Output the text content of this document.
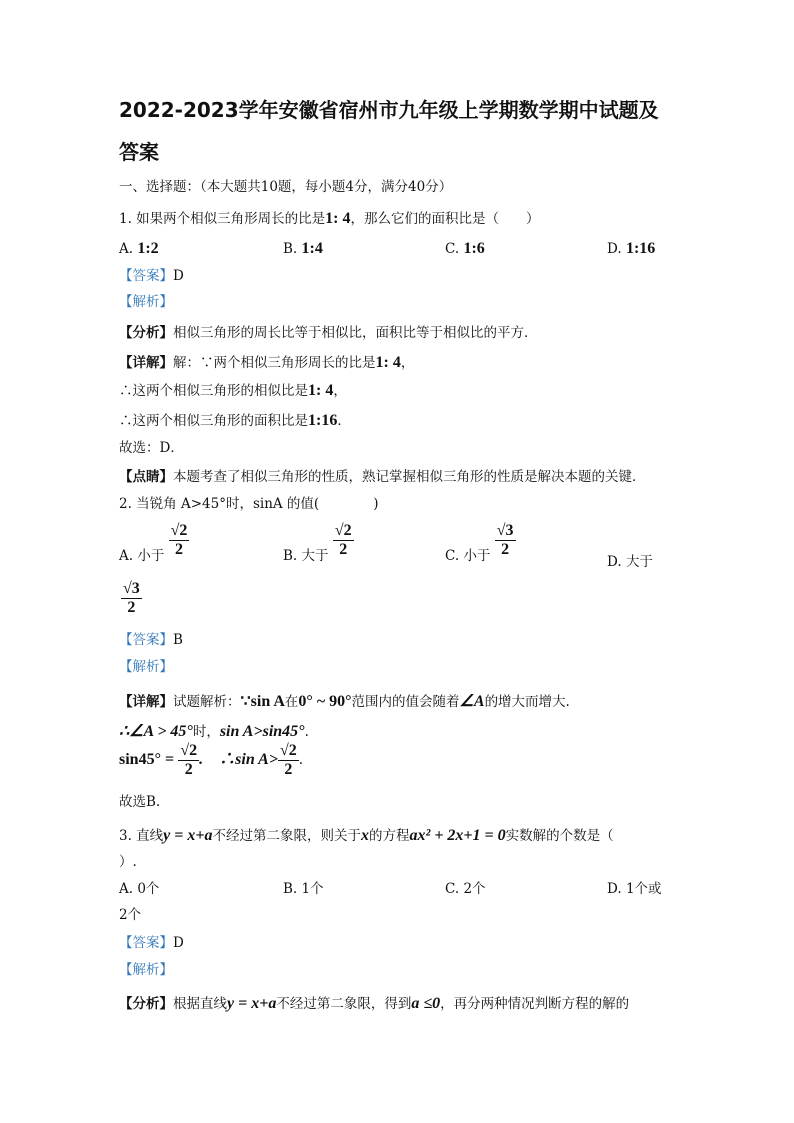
2022-2023学年安徽省宿州市九年级上学期数学期中试题及
答案
一、选择题：（本大题共10题，每小题4分，满分40分）
1. 如果两个相似三角形周长的比是1: 4，那么它们的面积比是（　　）
A. 1:2	B. 1:4	C. 1:6	D. 1:16
【答案】D
【解析】
【分析】相似三角形的周长比等于相似比，面积比等于相似比的平方．
【详解】解：∵两个相似三角形周长的比是1: 4，
∴这两个相似三角形的相似比是1: 4，
∴这两个相似三角形的面积比是1:16．
故选：D．
【点睛】本题考查了相似三角形的性质，熟记掌握相似三角形的性质是解决本题的关键．
2. 当锐角 A>45°时，sinA 的值(　　　　)
A. 小于 $\frac{√2}{2}$	B. 大于 $\frac{√2}{2}$	C. 小于 $\frac{√3}{2}$
D. 大于
$\frac{√3}{2}$
【答案】B
【解析】
【详解】试题解析：∵sin A在0° ~ 90°范围内的值会随着∠A的增大而增大.
∴∠A > 45°时，sin A>sin45°.
$\sin 45^\circ = \frac{√2}{2}$ .　∴sin $A> \frac{√2}{2}$ .
故选B.
3. 直线y = x+a不经过第二象限，则关于x的方程ax² + 2x+1 = 0实数解的个数是（
）.
A. 0个	B. 1个	C. 2个	D. 1个或
2个
【答案】D
【解析】
【分析】根据直线y = x+a不经过第二象限，得到a ≤0，再分两种情况判断方程的解的
